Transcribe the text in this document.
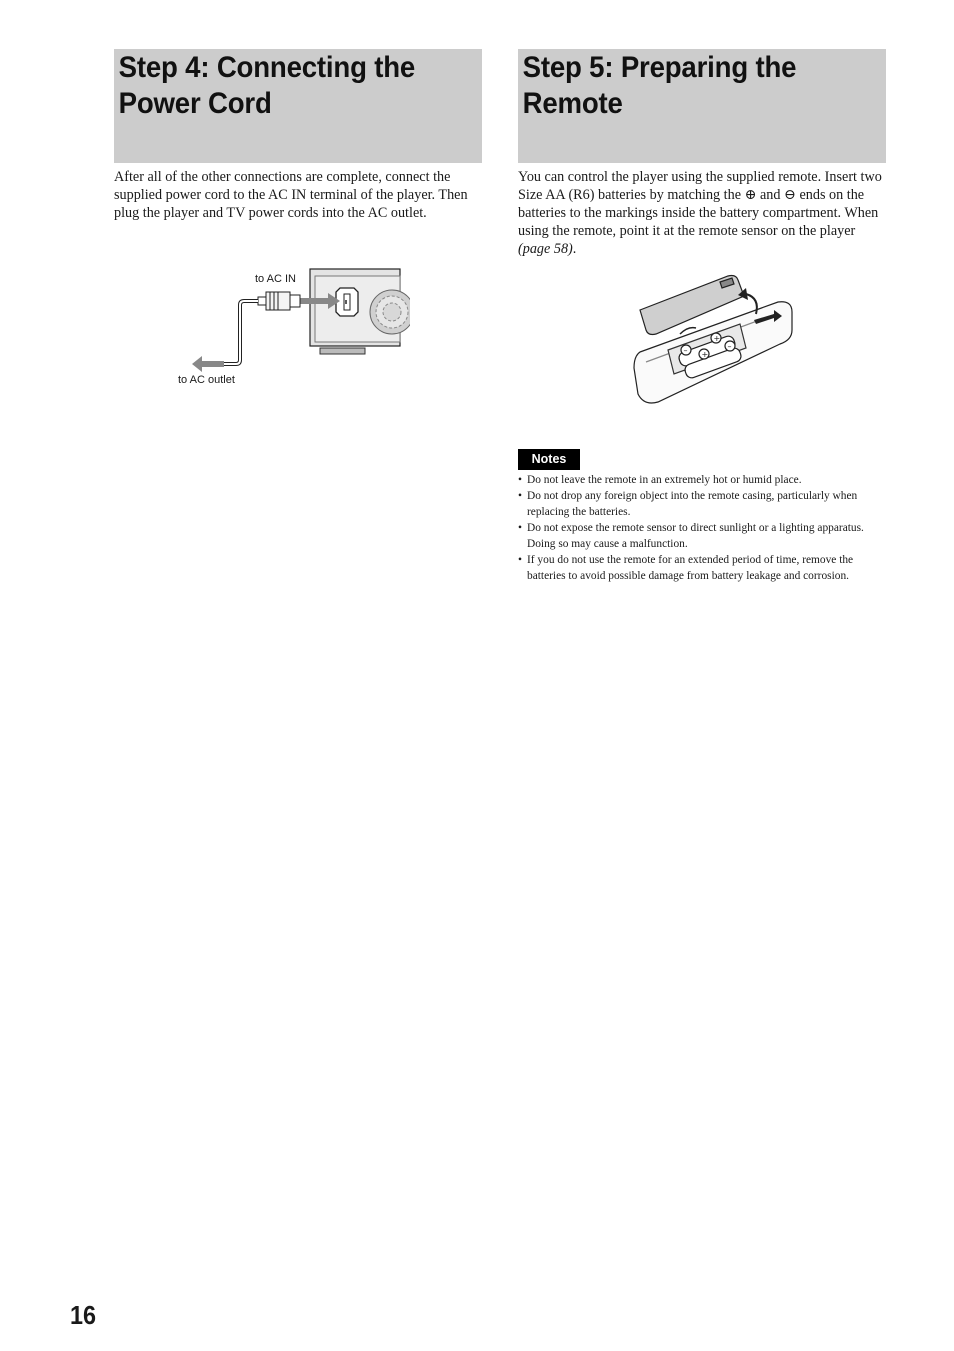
Step 4: Connecting the
Power Cord
Step 5: Preparing the
Remote

After all of the other connections are complete, connect the supplied power cord to the AC IN terminal of the player. Then plug the player and TV power cords into the AC outlet.

You can control the player using the supplied remote. Insert two Size AA (R6) batteries by matching the ⊕ and ⊖ ends on the batteries to the markings inside the battery compartment. When using the remote, point it at the remote sensor on the player (page 58).

to AC IN
to AC outlet
+
– +
–
Notes
• Do not leave the remote in an extremely hot or humid place.
• Do not drop any foreign object into the remote casing, particularly when replacing the batteries.
• Do not expose the remote sensor to direct sunlight or a lighting apparatus. Doing so may cause a malfunction.
• If you do not use the remote for an extended period of time, remove the batteries to avoid possible damage from battery leakage and corrosion.
16
